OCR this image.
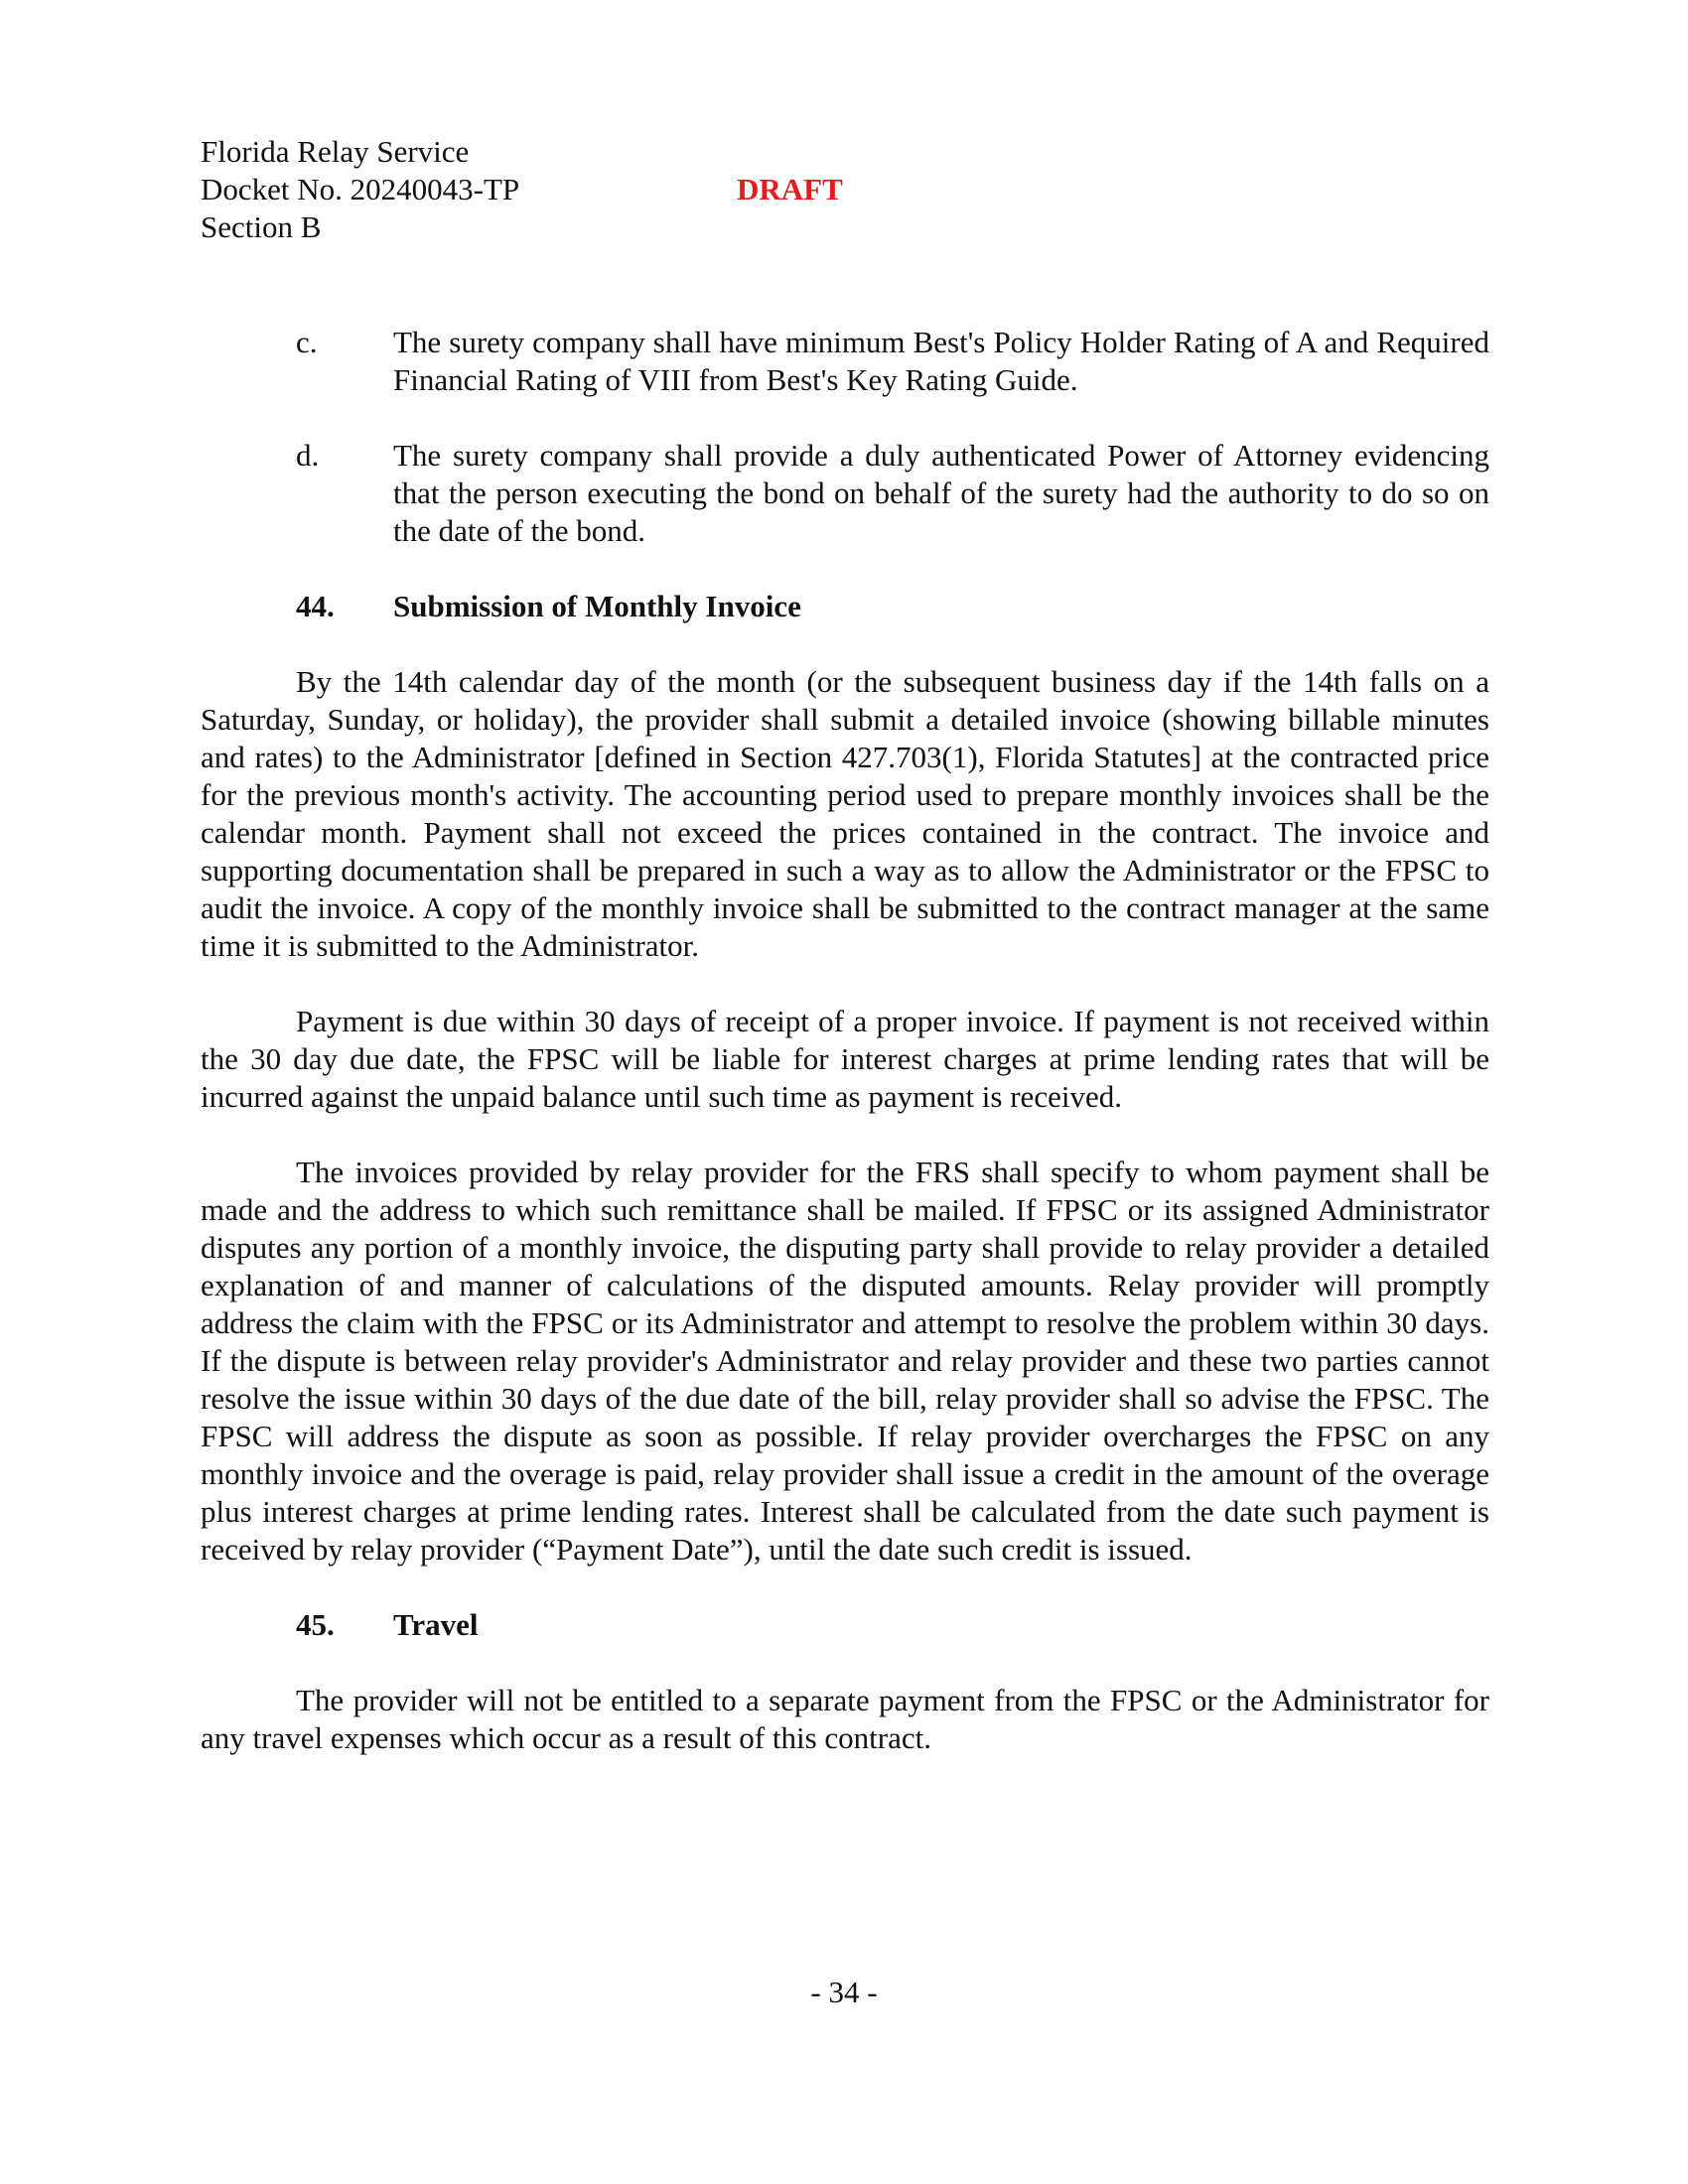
Florida Relay Service
Docket No. 20240043-TP
Section B
DRAFT
c.	The surety company shall have minimum Best's Policy Holder Rating of A and Required Financial Rating of VIII from Best's Key Rating Guide.
d.	The surety company shall provide a duly authenticated Power of Attorney evidencing that the person executing the bond on behalf of the surety had the authority to do so on the date of the bond.
44.	Submission of Monthly Invoice

By the 14th calendar day of the month (or the subsequent business day if the 14th falls on a Saturday, Sunday, or holiday), the provider shall submit a detailed invoice (showing billable minutes and rates) to the Administrator [defined in Section 427.703(1), Florida Statutes] at the contracted price for the previous month's activity. The accounting period used to prepare monthly invoices shall be the calendar month. Payment shall not exceed the prices contained in the contract. The invoice and supporting documentation shall be prepared in such a way as to allow the Administrator or the FPSC to audit the invoice. A copy of the monthly invoice shall be submitted to the contract manager at the same time it is submitted to the Administrator.

Payment is due within 30 days of receipt of a proper invoice. If payment is not received within the 30 day due date, the FPSC will be liable for interest charges at prime lending rates that will be incurred against the unpaid balance until such time as payment is received.

The invoices provided by relay provider for the FRS shall specify to whom payment shall be made and the address to which such remittance shall be mailed. If FPSC or its assigned Administrator disputes any portion of a monthly invoice, the disputing party shall provide to relay provider a detailed explanation of and manner of calculations of the disputed amounts. Relay provider will promptly address the claim with the FPSC or its Administrator and attempt to resolve the problem within 30 days. If the dispute is between relay provider's Administrator and relay provider and these two parties cannot resolve the issue within 30 days of the due date of the bill, relay provider shall so advise the FPSC. The FPSC will address the dispute as soon as possible. If relay provider overcharges the FPSC on any monthly invoice and the overage is paid, relay provider shall issue a credit in the amount of the overage plus interest charges at prime lending rates. Interest shall be calculated from the date such payment is received by relay provider (“Payment Date”), until the date such credit is issued.

45.	Travel

The provider will not be entitled to a separate payment from the FPSC or the Administrator for any travel expenses which occur as a result of this contract.

- 34 -
